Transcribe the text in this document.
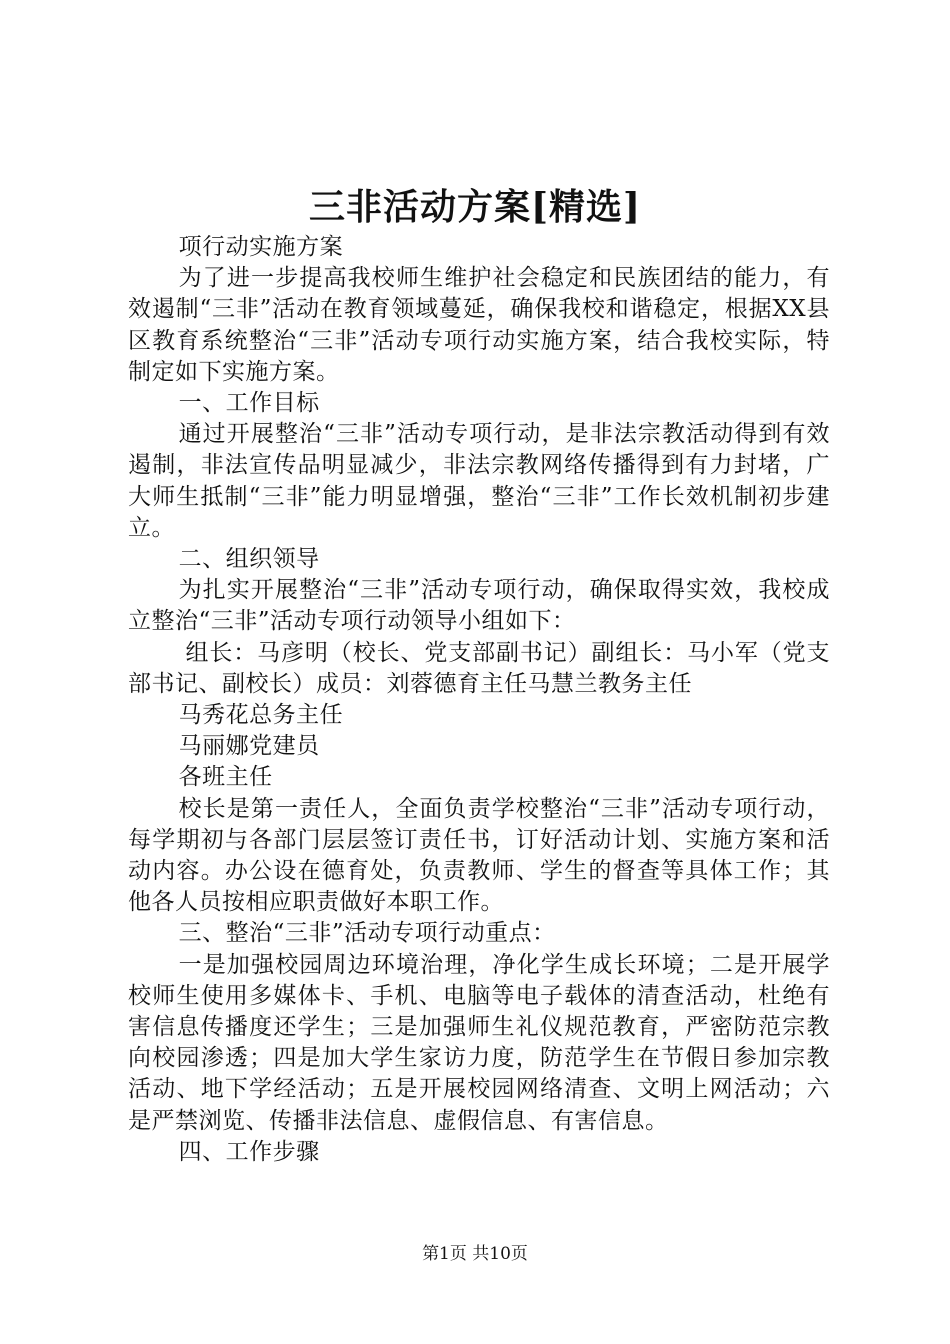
三非活动方案[精选]

项行动实施方案

为了进一步提高我校师生维护社会稳定和民族团结的能力，有效遏制“三非”活动在教育领域蔓延，确保我校和谐稳定，根据XX县区教育系统整治“三非”活动专项行动实施方案，结合我校实际，特制定如下实施方案。

一、工作目标

通过开展整治“三非”活动专项行动，是非法宗教活动得到有效遏制，非法宣传品明显减少，非法宗教网络传播得到有力封堵，广大师生抵制“三非”能力明显增强，整治“三非”工作长效机制初步建立。

二、组织领导

为扎实开展整治“三非”活动专项行动，确保取得实效，我校成立整治“三非”活动专项行动领导小组如下：

组长：马彦明（校长、党支部副书记）副组长：马小军（党支部书记、副校长）成员：刘蓉德育主任马慧兰教务主任

马秀花总务主任

马丽娜党建员

各班主任

校长是第一责任人，全面负责学校整治“三非”活动专项行动，每学期初与各部门层层签订责任书，订好活动计划、实施方案和活动内容。办公设在德育处，负责教师、学生的督查等具体工作；其他各人员按相应职责做好本职工作。

三、整治“三非”活动专项行动重点：

一是加强校园周边环境治理，净化学生成长环境；二是开展学校师生使用多媒体卡、手机、电脑等电子载体的清查活动，杜绝有害信息传播度还学生；三是加强师生礼仪规范教育，严密防范宗教向校园渗透；四是加大学生家访力度，防范学生在节假日参加宗教活动、地下学经活动；五是开展校园网络清查、文明上网活动；六是严禁浏览、传播非法信息、虚假信息、有害信息。

四、工作步骤

第1页 共10页
